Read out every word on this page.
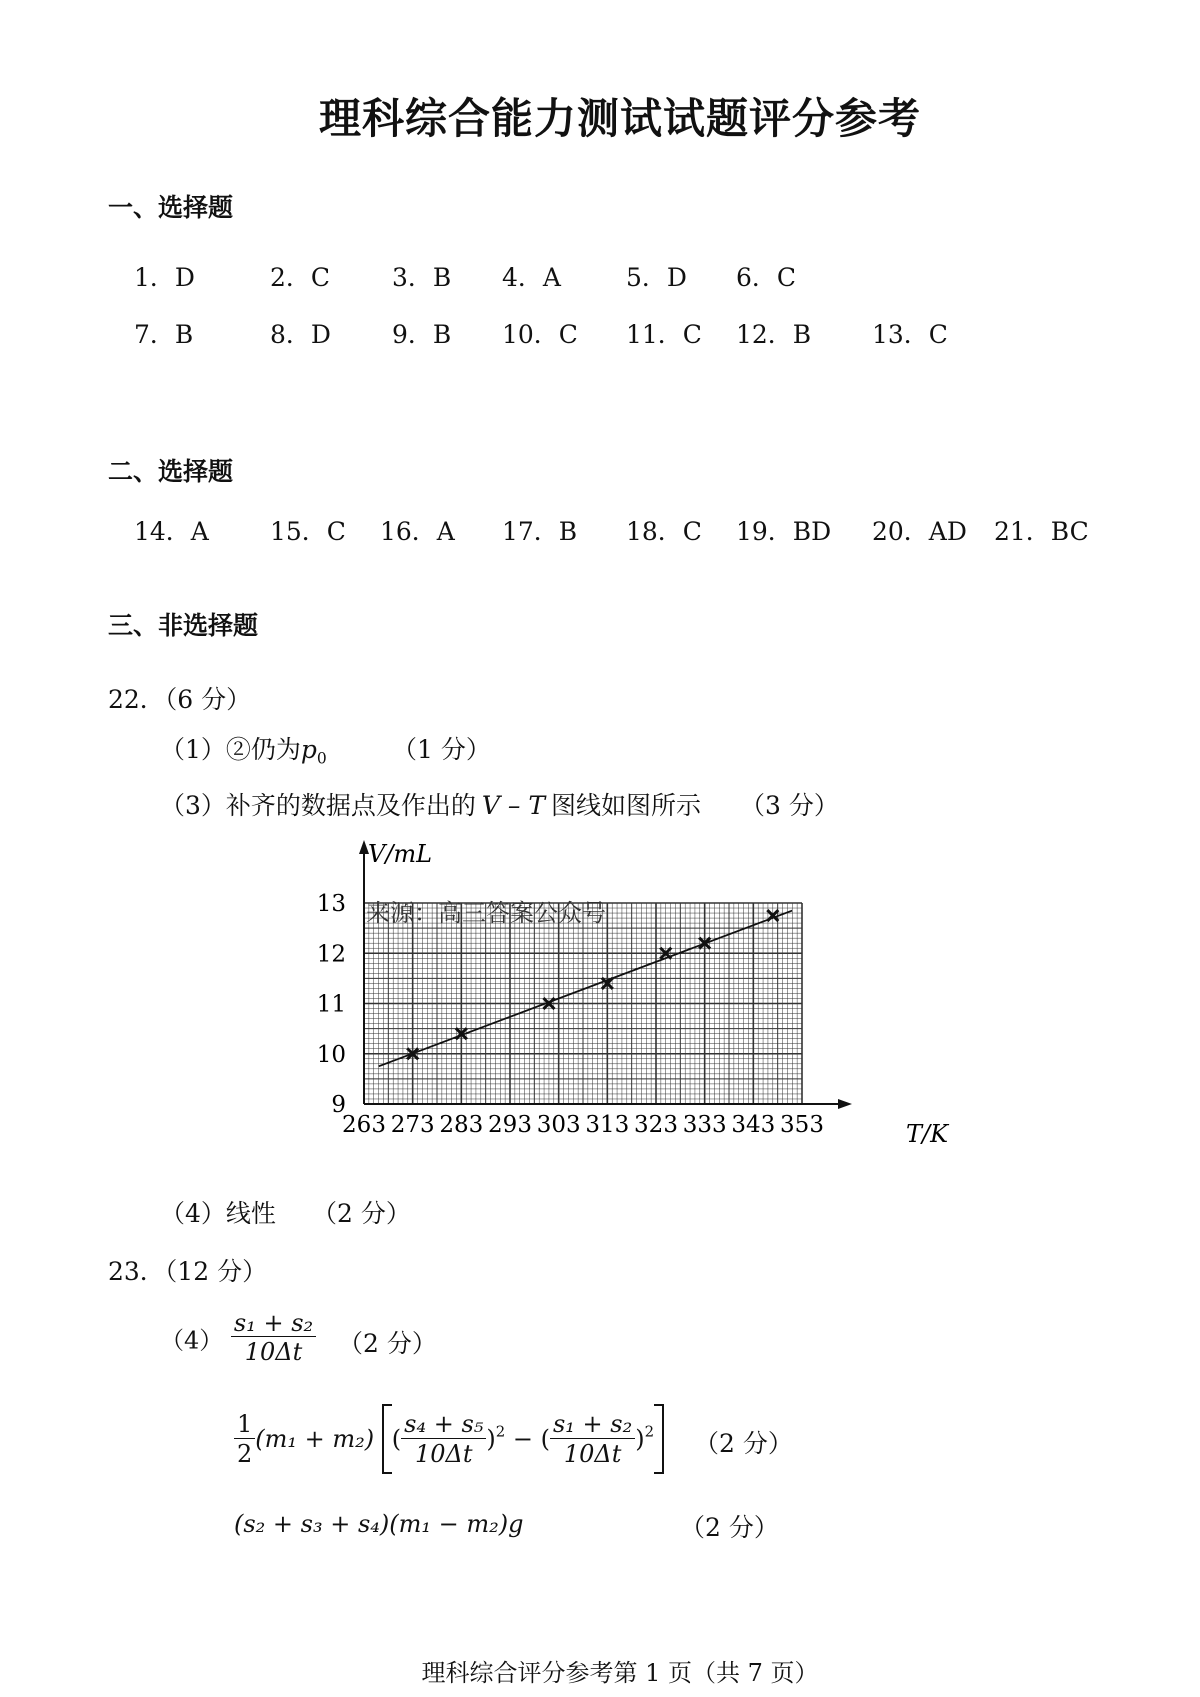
理科综合能力测试试题评分参考
一、选择题
1．D	2．C 3．B 4．A	5．D 6．C
7．B	8．D 9．B 10．C 11．C 12．B 13．C
二、选择题
14．A 15．C 16．A 17．B 18．C 19．BD 20．AD 21．BC
三、非选择题
22．（6 分）
（1）②仍为$p_0$	（1 分）
（3）补齐的数据点及作出的 V – T 图线如图所示 （3 分）
263 273 283 293 303 313 323 333 343 353
9
10
11
12
13 来源：高三答案公众号
V/mL
T/K
（4）线性 （2 分）
23．（12 分）
$(4) \frac{\text{s₁ + s₂}}{10\Delta t} (2$ 分）
$\frac{1}{2} (m_1 + m_2)$ ( $\frac{\text{s₄ + s₅}}{10\Delta t} )^2$ − ( $\frac{\text{s₁ + s₂}}{10\Delta t} )^2$	（2 分）
(s₂ + s₃ + s₄)(m₁ − m₂)g	（2 分）
理科综合评分参考第 1 页（共 7 页）
